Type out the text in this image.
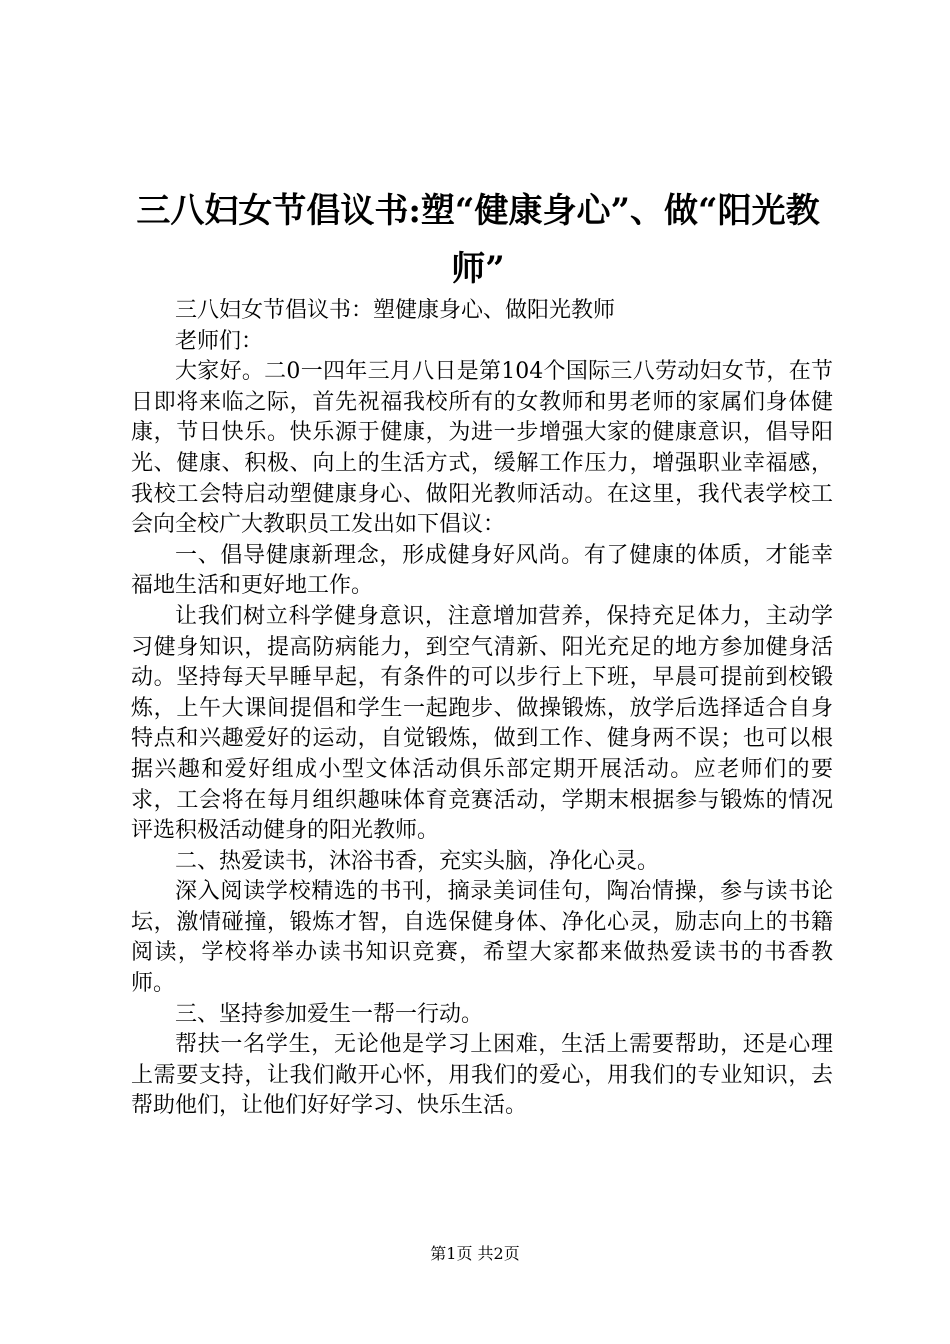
三八妇女节倡议书:塑“健康身心”、做“阳光教师”

三八妇女节倡议书：塑健康身心、做阳光教师

老师们：

大家好。二0一四年三月八日是第104个国际三八劳动妇女节，在节日即将来临之际，首先祝福我校所有的女教师和男老师的家属们身体健康，节日快乐。快乐源于健康，为进一步增强大家的健康意识，倡导阳光、健康、积极、向上的生活方式，缓解工作压力，增强职业幸福感，我校工会特启动塑健康身心、做阳光教师活动。在这里，我代表学校工会向全校广大教职员工发出如下倡议：

一、倡导健康新理念，形成健身好风尚。有了健康的体质，才能幸福地生活和更好地工作。

让我们树立科学健身意识，注意增加营养，保持充足体力，主动学习健身知识，提高防病能力，到空气清新、阳光充足的地方参加健身活动。坚持每天早睡早起，有条件的可以步行上下班，早晨可提前到校锻炼，上午大课间提倡和学生一起跑步、做操锻炼，放学后选择适合自身特点和兴趣爱好的运动，自觉锻炼，做到工作、健身两不误；也可以根据兴趣和爱好组成小型文体活动俱乐部定期开展活动。应老师们的要求，工会将在每月组织趣味体育竞赛活动，学期末根据参与锻炼的情况评选积极活动健身的阳光教师。

二、热爱读书，沐浴书香，充实头脑，净化心灵。

深入阅读学校精选的书刊，摘录美词佳句，陶冶情操，参与读书论坛，激情碰撞，锻炼才智，自选保健身体、净化心灵，励志向上的书籍阅读，学校将举办读书知识竞赛，希望大家都来做热爱读书的书香教师。

三、坚持参加爱生一帮一行动。

帮扶一名学生，无论他是学习上困难，生活上需要帮助，还是心理上需要支持，让我们敞开心怀，用我们的爱心，用我们的专业知识，去帮助他们，让他们好好学习、快乐生活。

第1页 共2页
